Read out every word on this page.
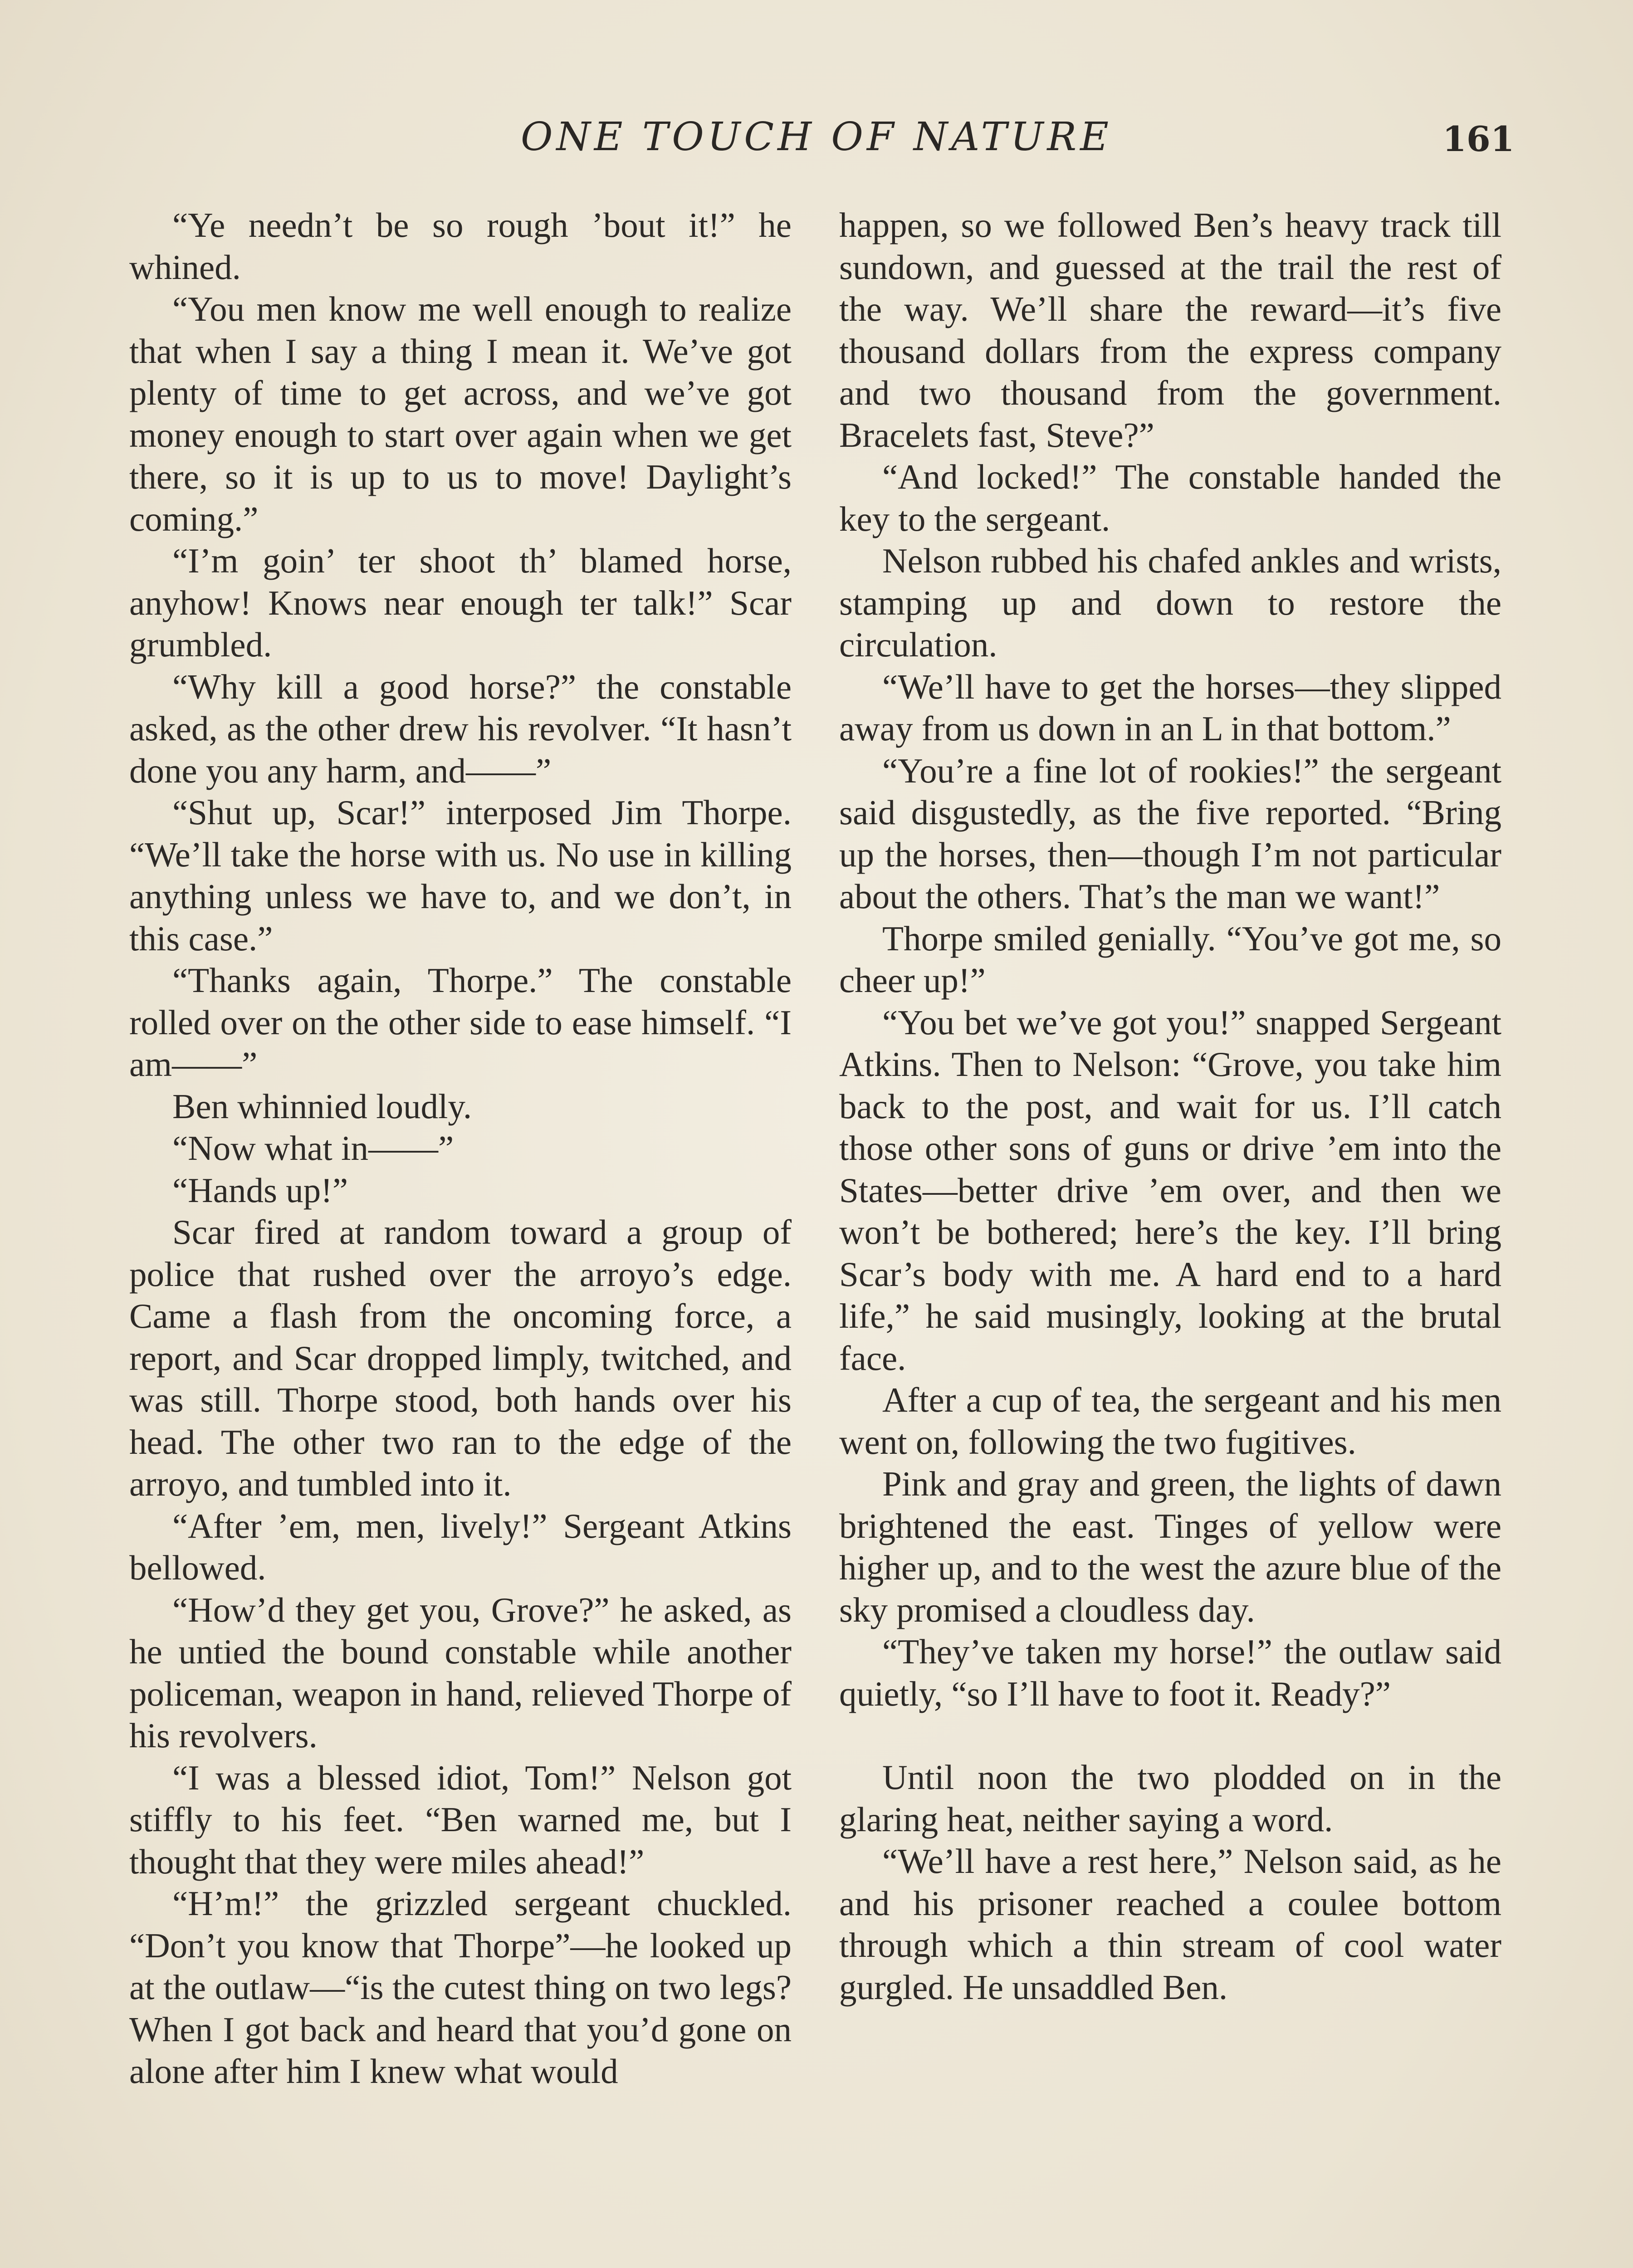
ONE TOUCH OF NATURE	161

“Ye needn’t be so rough ’bout it!” he whined.

“You men know me well enough to realize that when I say a thing I mean it. We’ve got plenty of time to get across, and we’ve got money enough to start over again when we get there, so it is up to us to move! Daylight’s coming.”

“I’m goin’ ter shoot th’ blamed horse, anyhow! Knows near enough ter talk!” Scar grumbled.

“Why kill a good horse?” the constable asked, as the other drew his revolver. “It hasn’t done you any harm, and——”

“Shut up, Scar!” interposed Jim Thorpe. “We’ll take the horse with us. No use in killing anything unless we have to, and we don’t, in this case.”

“Thanks again, Thorpe.” The constable rolled over on the other side to ease himself. “I am——”

Ben whinnied loudly.

“Now what in——”

“Hands up!”

Scar fired at random toward a group of police that rushed over the arroyo’s edge. Came a flash from the oncoming force, a report, and Scar dropped limply, twitched, and was still. Thorpe stood, both hands over his head. The other two ran to the edge of the arroyo, and tumbled into it.

“After ’em, men, lively!” Sergeant Atkins bellowed.

“How’d they get you, Grove?” he asked, as he untied the bound constable while another policeman, weapon in hand, relieved Thorpe of his revolvers.

“I was a blessed idiot, Tom!” Nelson got stiffly to his feet. “Ben warned me, but I thought that they were miles ahead!”

“H’m!” the grizzled sergeant chuckled. “Don’t you know that Thorpe”—he looked up at the outlaw—“is the cutest thing on two legs? When I got back and heard that you’d gone on alone after him I knew what would

happen, so we followed Ben’s heavy track till sundown, and guessed at the trail the rest of the way. We’ll share the reward—it’s five thousand dollars from the express company and two thousand from the government. Bracelets fast, Steve?”

“And locked!” The constable handed the key to the sergeant.

Nelson rubbed his chafed ankles and wrists, stamping up and down to restore the circulation.

“We’ll have to get the horses—they slipped away from us down in an L in that bottom.”

“You’re a fine lot of rookies!” the sergeant said disgustedly, as the five reported. “Bring up the horses, then—though I’m not particular about the others. That’s the man we want!”

Thorpe smiled genially. “You’ve got me, so cheer up!”

“You bet we’ve got you!” snapped Sergeant Atkins. Then to Nelson: “Grove, you take him back to the post, and wait for us. I’ll catch those other sons of guns or drive ’em into the States—better drive ’em over, and then we won’t be bothered; here’s the key. I’ll bring Scar’s body with me. A hard end to a hard life,” he said musingly, looking at the brutal face.

After a cup of tea, the sergeant and his men went on, following the two fugitives.

Pink and gray and green, the lights of dawn brightened the east. Tinges of yellow were higher up, and to the west the azure blue of the sky promised a cloudless day.

“They’ve taken my horse!” the outlaw said quietly, “so I’ll have to foot it. Ready?”

Until noon the two plodded on in the glaring heat, neither saying a word.

“We’ll have a rest here,” Nelson said, as he and his prisoner reached a coulee bottom through which a thin stream of cool water gurgled. He unsaddled Ben.
